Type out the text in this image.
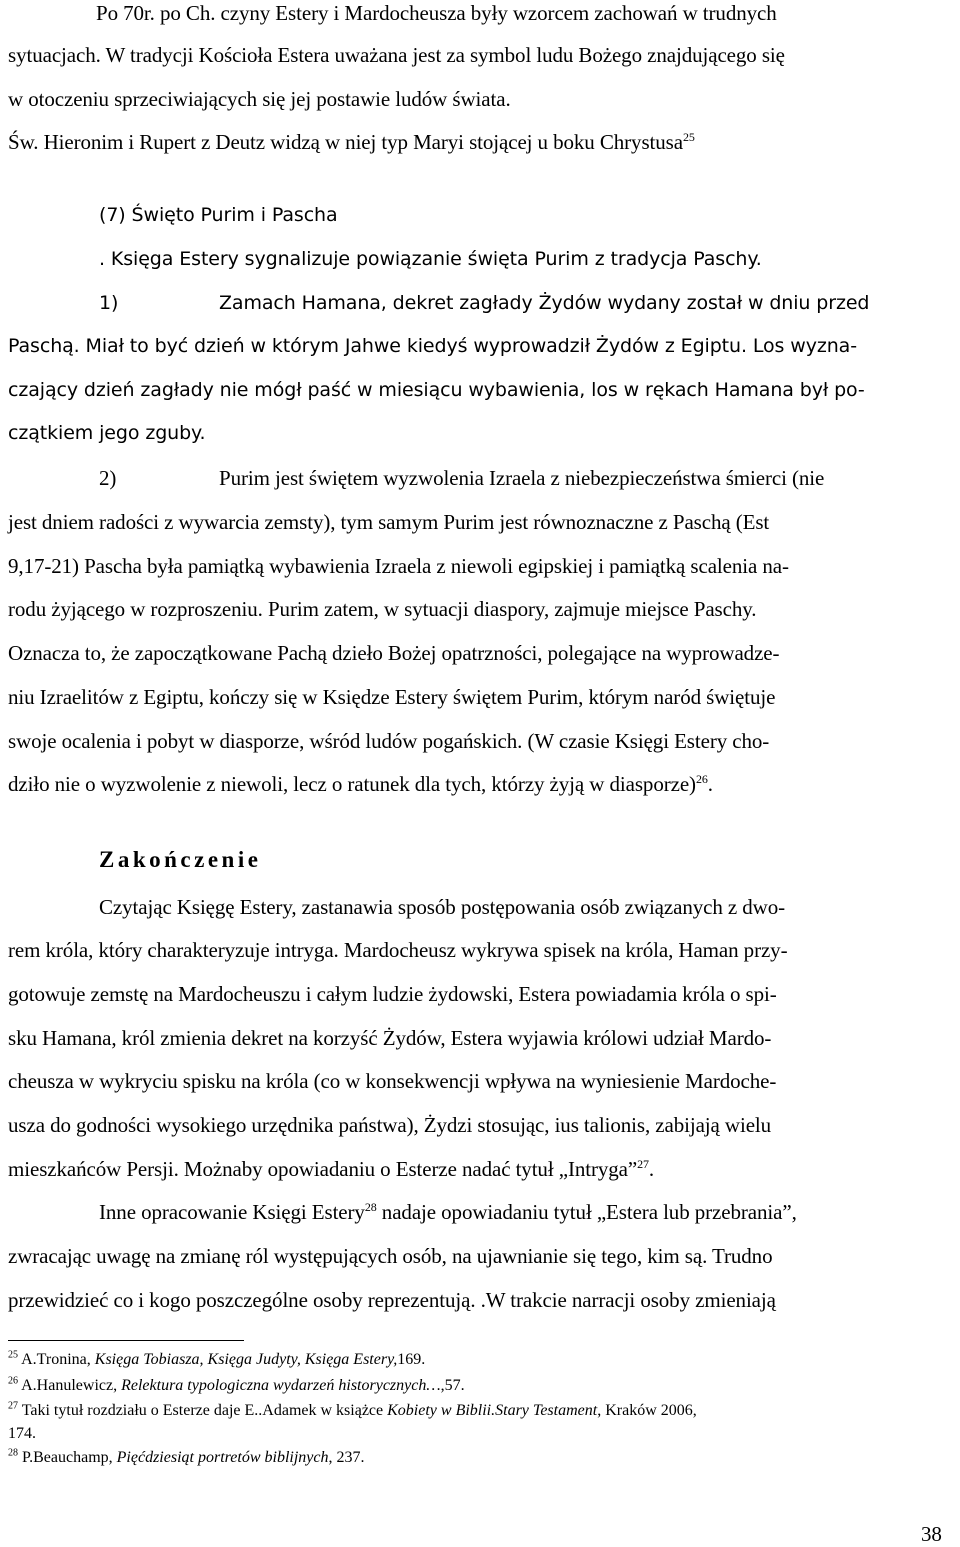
Po 70r. po Ch. czyny Estery i Mardocheusza były wzorcem zachowań w trudnych
sytuacjach. W tradycji Kościoła Estera uważana jest za symbol ludu Bożego znajdującego się
w otoczeniu sprzeciwiających się jej postawie ludów świata.
Św. Hieronim i Rupert z Deutz widzą w niej typ Maryi stojącej u boku Chrystusa$^{25}$
(7) Święto Purim i Pascha
. Księga Estery sygnalizuje powiązanie święta Purim z tradycja Paschy.
1)	Zamach Hamana, dekret zagłady Żydów wydany został w dniu przed
Paschą. Miał to być dzień w którym Jahwe kiedyś wyprowadził Żydów z Egiptu. Los wyzna-
czający dzień zagłady nie mógł paść w miesiącu wybawienia, los w rękach Hamana był po-
czątkiem jego zguby.
2)	Purim jest świętem wyzwolenia Izraela z niebezpieczeństwa śmierci (nie
jest dniem radości z wywarcia zemsty), tym samym Purim jest równoznaczne z Paschą (Est
9,17-21) Pascha była pamiątką wybawienia Izraela z niewoli egipskiej i pamiątką scalenia na-
rodu żyjącego w rozproszeniu. Purim zatem, w sytuacji diaspory, zajmuje miejsce Paschy.
Oznacza to, że zapoczątkowane Pachą dzieło Bożej opatrzności, polegające na wyprowadze-
niu Izraelitów z Egiptu, kończy się w Księdze Estery świętem Purim, którym naród świętuje
swoje ocalenia i pobyt w diasporze, wśród ludów pogańskich. (W czasie Księgi Estery cho-
dziło nie o wyzwolenie z niewoli, lecz o ratunek dla tych, którzy żyją w diasporze)$^{26}$.
Zakończenie
Czytając Księgę Estery, zastanawia sposób postępowania osób związanych z dwo-
rem króla, który charakteryzuje intryga. Mardocheusz wykrywa spisek na króla, Haman przy-
gotowuje zemstę na Mardocheuszu i całym ludzie żydowski, Estera powiadamia króla o spi-
sku Hamana, król zmienia dekret na korzyść Żydów, Estera wyjawia królowi udział Mardo-
cheusza w wykryciu spisku na króla (co w konsekwencji wpływa na wyniesienie Mardoche-
usza do godności wysokiego urzędnika państwa), Żydzi stosując, ius talionis, zabijają wielu
mieszkańców Persji. Możnaby opowiadaniu o Esterze nadać tytuł „Intryga”$^{27}$.
Inne opracowanie Księgi Estery$^{28}$ nadaje opowiadaniu tytuł „Estera lub przebrania”,
zwracając uwagę na zmianę ról występujących osób, na ujawnianie się tego, kim są. Trudno
przewidzieć co i kogo poszczególne osoby reprezentują. .W trakcie narracji osoby zmieniają
$^{25}$ A.Tronina, Księga Tobiasza, Księga Judyty, Księga Estery,169.
$^{26}$ A.Hanulewicz, Relektura typologiczna wydarzeń historycznych…,57.
$^{27}$ Taki tytuł rozdziału o Esterze daje E..Adamek w książce Kobiety w Biblii.Stary Testament, Kraków 2006,
174.
$^{28}$ P.Beauchamp, Pięćdziesiąt portretów biblijnych, 237.
38
